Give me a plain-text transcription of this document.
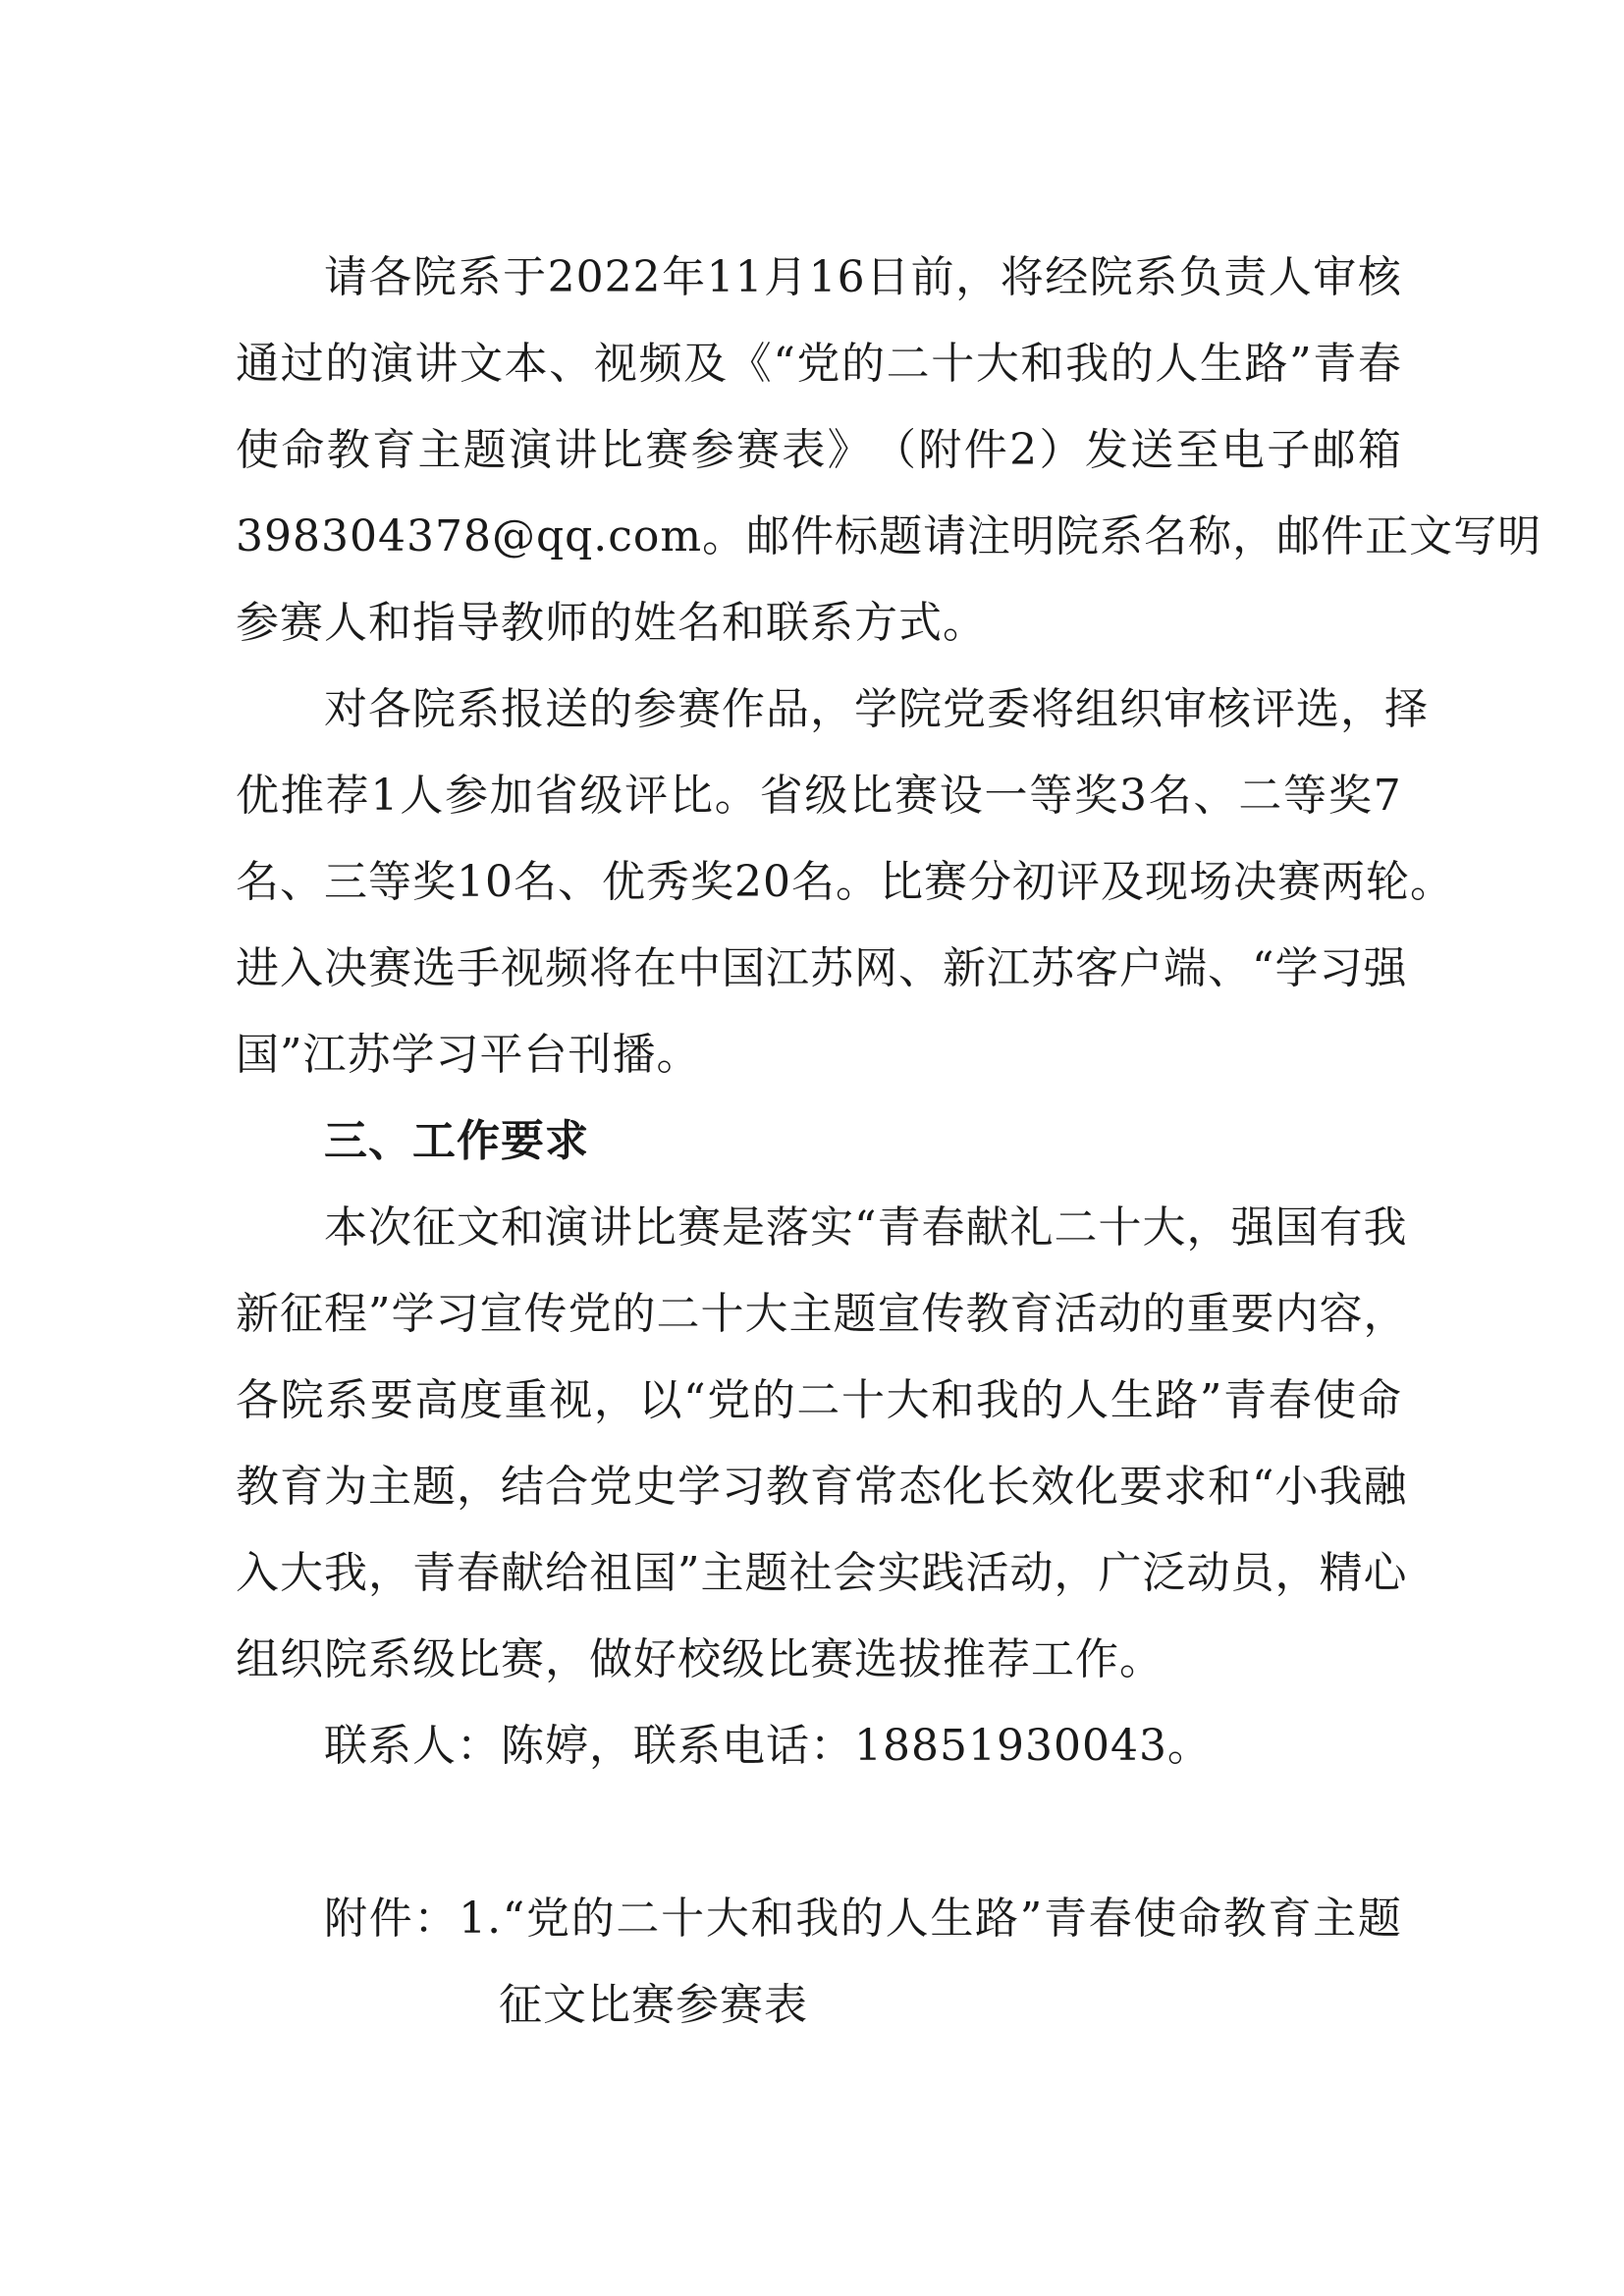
请 各 院 系 于 2022 年 11 月 16 日 前 ， 将 经 院 系 负 责 人 审 核
通 过 的 演 讲 文 本 、 视 频 及 《 “ 党 的 二 十 大 和 我 的 人 生 路 ” 青 春
使 命 教 育 主 题 演 讲 比 赛 参 赛 表 》 （ 附 件 2 ） 发 送 至 电 子 邮 箱
398304378@qq.com 。 邮 件 标 题 请 注 明 院 系 名 称 ， 邮 件 正 文 写 明
参赛人和指导教师的姓名和联系方式。
对 各 院 系 报 送 的 参 赛 作 品 ， 学 院 党 委 将 组 织 审 核 评 选 ， 择
优 推 荐 1 人 参 加 省 级 评 比 。 省 级 比 赛 设 一 等 奖 3 名 、 二 等 奖 7
名 、 三 等 奖 10 名 、 优 秀 奖 20 名 。 比 赛 分 初 评 及 现 场 决 赛 两 轮 。
进 入 决 赛 选 手 视 频 将 在 中 国 江 苏 网 、 新 江 苏 客 户 端 、 “ 学 习 强
国”江苏学习平台刊播。
三、工作要求
本 次 征 文 和 演 讲 比 赛 是 落 实 “ 青 春 献 礼 二 十 大 ， 强 国 有 我
新 征 程 ” 学 习 宣 传 党 的 二 十 大 主 题 宣 传 教 育 活 动 的 重 要 内 容 ，
各 院 系 要 高 度 重 视 ， 以 “ 党 的 二 十 大 和 我 的 人 生 路 ” 青 春 使 命
教 育 为 主 题 ， 结 合 党 史 学 习 教 育 常 态 化 长 效 化 要 求 和 “ 小 我 融
入 大 我 ， 青 春 献 给 祖 国 ” 主 题 社 会 实 践 活 动 ， 广 泛 动 员 ， 精 心
组织院系级比赛，做好校级比赛选拔推荐工作。
联系人：陈婷，联系电话：18851930043。
附 件 ： 1. “ 党 的 二 十 大 和 我 的 人 生 路 ” 青 春 使 命 教 育 主 题
征文比赛参赛表
